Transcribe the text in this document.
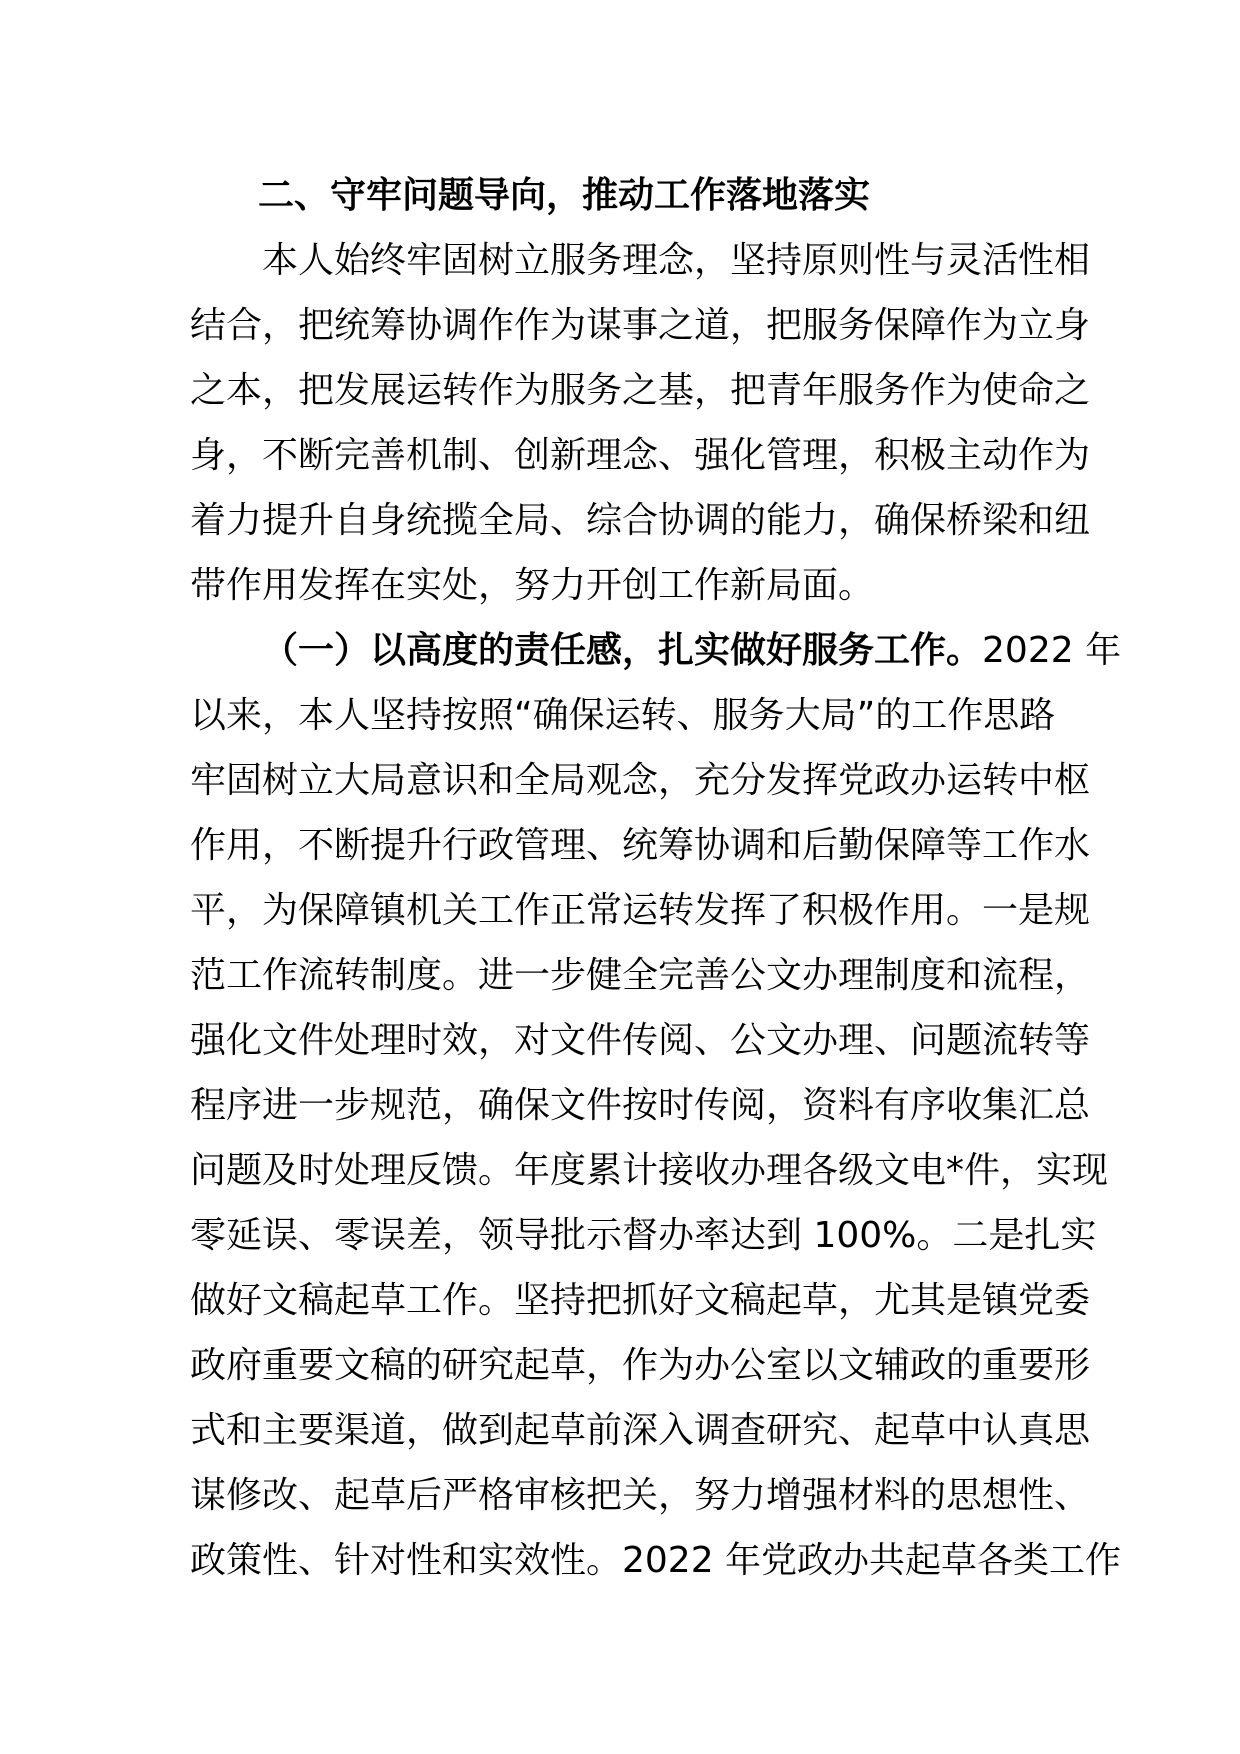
二、守牢问题导向，推动工作落地落实
本人始终牢固树立服务理念，坚持原则性与灵活性相
结合，把统筹协调作作为谋事之道，把服务保障作为立身
之本，把发展运转作为服务之基，把青年服务作为使命之
身，不断完善机制、创新理念、强化管理，积极主动作为
着力提升自身统揽全局、综合协调的能力，确保桥梁和纽
带作用发挥在实处，努力开创工作新局面。
（一）以高度的责任感，扎实做好服务工作。2022 年
以来，本人坚持按照“确保运转、服务大局”的工作思路
牢固树立大局意识和全局观念，充分发挥党政办运转中枢
作用，不断提升行政管理、统筹协调和后勤保障等工作水
平，为保障镇机关工作正常运转发挥了积极作用。一是规
范工作流转制度。进一步健全完善公文办理制度和流程，
强化文件处理时效，对文件传阅、公文办理、问题流转等
程序进一步规范，确保文件按时传阅，资料有序收集汇总
问题及时处理反馈。年度累计接收办理各级文电*件，实现
零延误、零误差，领导批示督办率达到 100%。二是扎实
做好文稿起草工作。坚持把抓好文稿起草，尤其是镇党委
政府重要文稿的研究起草，作为办公室以文辅政的重要形
式和主要渠道，做到起草前深入调查研究、起草中认真思
谋修改、起草后严格审核把关，努力增强材料的思想性、
政策性、针对性和实效性。2022 年党政办共起草各类工作
